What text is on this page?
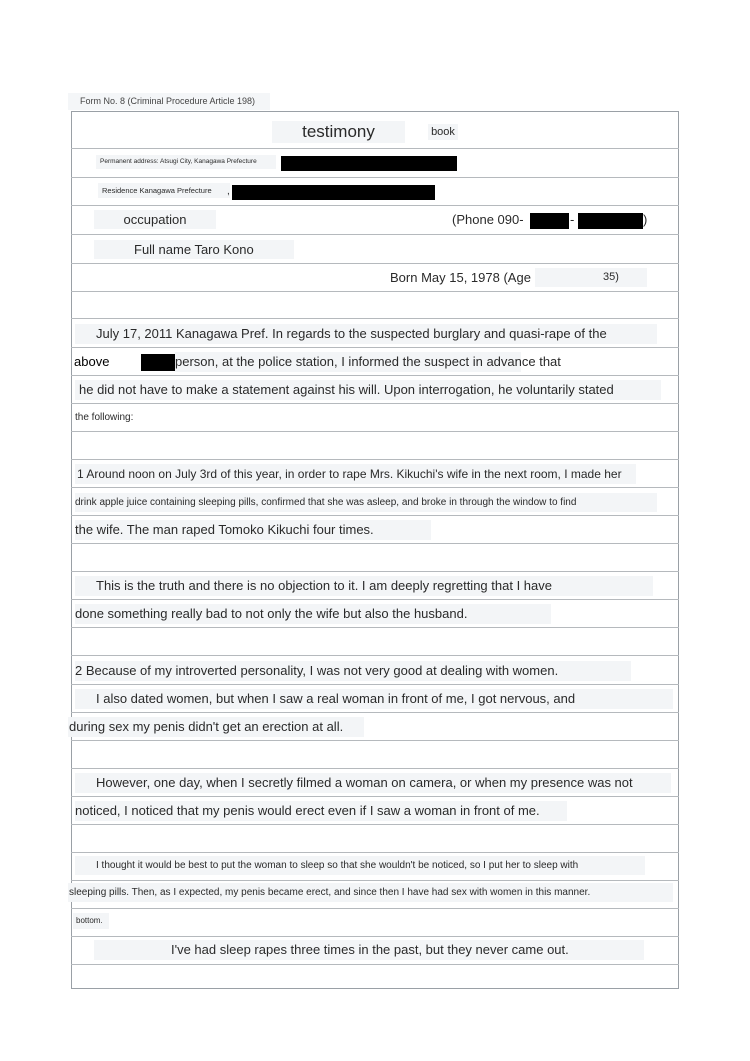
Form No. 8 (Criminal Procedure Article 198)
testimony	book
Permanent address: Atsugi City, Kanagawa Prefecture
Residence Kanagawa Prefecture	,
occupation	(Phone 090-	-	)
Full name Taro Kono
Born May 15, 1978 (Age	35)
July 17, 2011 Kanagawa Pref. In regards to the suspected burglary and quasi-rape of the
above	person, at the police station, I informed the suspect in advance that
he did not have to make a statement against his will. Upon interrogation, he voluntarily stated
the following:
1 Around noon on July 3rd of this year, in order to rape Mrs. Kikuchi's wife in the next room, I made her
drink apple juice containing sleeping pills, confirmed that she was asleep, and broke in through the window to find
the wife. The man raped Tomoko Kikuchi four times.
This is the truth and there is no objection to it. I am deeply regretting that I have
done something really bad to not only the wife but also the husband.
2 Because of my introverted personality, I was not very good at dealing with women.
I also dated women, but when I saw a real woman in front of me, I got nervous, and
during sex my penis didn't get an erection at all.
However, one day, when I secretly filmed a woman on camera, or when my presence was not
noticed, I noticed that my penis would erect even if I saw a woman in front of me.
I thought it would be best to put the woman to sleep so that she wouldn't be noticed, so I put her to sleep with
sleeping pills. Then, as I expected, my penis became erect, and since then I have had sex with women in this manner.
bottom.
I've had sleep rapes three times in the past, but they never came out.
